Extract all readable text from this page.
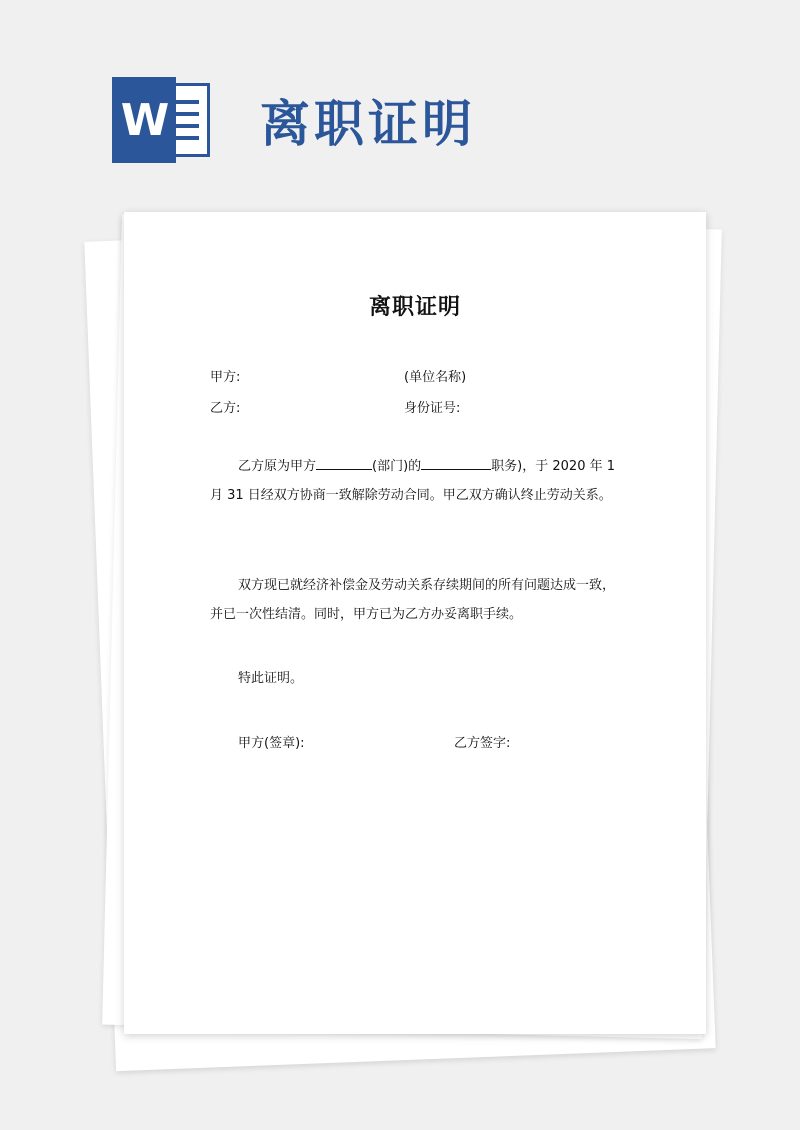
W 离职证明
离职证明
甲方:	(单位名称)
乙方:	身份证号:
乙方原为甲方	(部门)的	职务)，于 2020 年 1 月 31 日经双方协商一致解除劳动合同。甲乙双方确认终止劳动关系。
双方现已就经济补偿金及劳动关系存续期间的所有问题达成一致，并已一次性结清。同时，甲方已为乙方办妥离职手续。
特此证明。
甲方(签章):	乙方签字:
